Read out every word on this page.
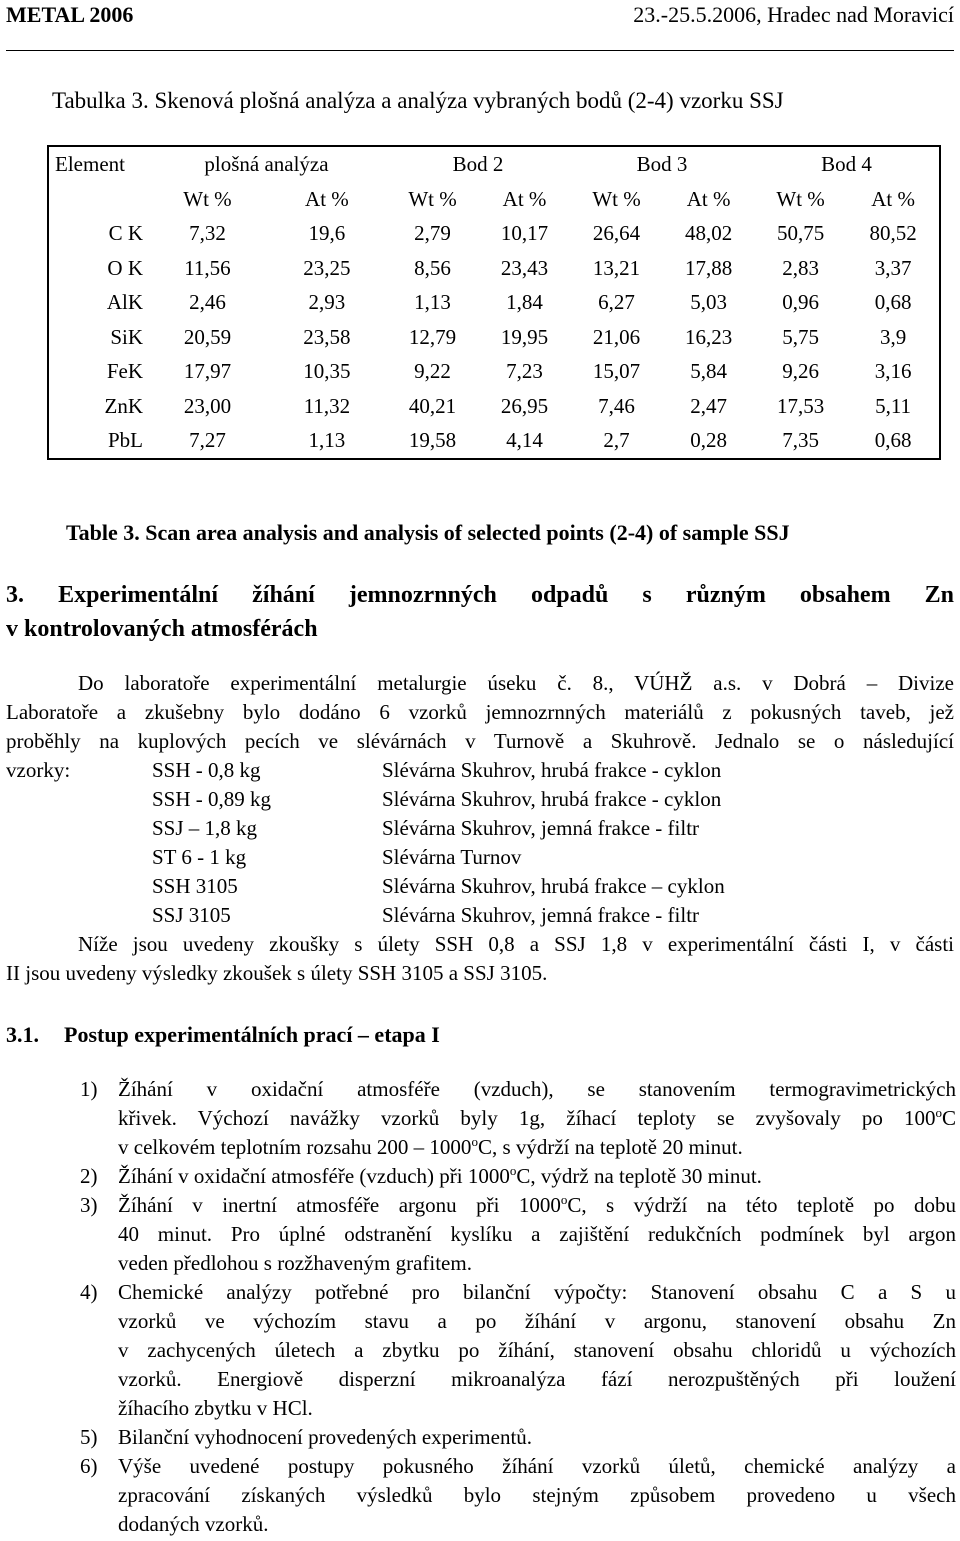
METAL 2006	23.-25.5.2006, Hradec nad Moravicí
Tabulka 3. Skenová plošná analýza a analýza vybraných bodů (2-4) vzorku SSJ
Element	plošná analýza		Bod 2		Bod 3		Bod 4	
	Wt %	At %	Wt %	At %	Wt %	At %	Wt %	At %
C K	7,32	19,6	2,79	10,17	26,64	48,02	50,75	80,52
O K	11,56	23,25	8,56	23,43	13,21	17,88	2,83	3,37
AlK	2,46	2,93	1,13	1,84	6,27	5,03	0,96	0,68
SiK	20,59	23,58	12,79	19,95	21,06	16,23	5,75	3,9
FeK	17,97	10,35	9,22	7,23	15,07	5,84	9,26	3,16
ZnK	23,00	11,32	40,21	26,95	7,46	2,47	17,53	5,11
PbL	7,27	1,13	19,58	4,14	2,7	0,28	7,35	0,68
Table 3. Scan area analysis and analysis of selected points (2-4) of sample SSJ
3. Experimentální žíhání jemnozrnných odpadů s různým obsahem Zn
v kontrolovaných atmosférách
Do laboratoře experimentální metalurgie úseku č. 8., VÚHŽ a.s. v Dobrá – Divize
Laboratoře a zkušebny bylo dodáno 6 vzorků jemnozrnných materiálů z pokusných taveb, jež
proběhly na kuplových pecích ve slévárnách v Turnově a Skuhrově. Jednalo se o následující
vzorky:	SSH - 0,8 kg	Slévárna Skuhrov, hrubá frakce - cyklon
SSH - 0,89 kg	Slévárna Skuhrov, hrubá frakce - cyklon
SSJ – 1,8 kg	Slévárna Skuhrov, jemná frakce - filtr
ST 6 - 1 kg	Slévárna Turnov
SSH 3105	Slévárna Skuhrov, hrubá frakce – cyklon
SSJ 3105	Slévárna Skuhrov, jemná frakce - filtr
Níže jsou uvedeny zkoušky s úlety SSH 0,8 a SSJ 1,8 v experimentální části I, v části
II jsou uvedeny výsledky zkoušek s úlety SSH 3105 a SSJ 3105.
3.1. Postup experimentálních prací – etapa I
1) Žíhání v oxidační atmosféře (vzduch), se stanovením termogravimetrických
křivek. Výchozí navážky vzorků byly 1g, žíhací teploty se zvyšovaly po 100$^o$C
v celkovém teplotním rozsahu 200 – 1000$^o$C, s výdrží na teplotě 20 minut.
2) Žíhání v oxidační atmosféře (vzduch) při 1000$^o$C, výdrž na teplotě 30 minut.
3) Žíhání v inertní atmosféře argonu při 1000$^o$C, s výdrží na této teplotě po dobu
40 minut. Pro úplné odstranění kyslíku a zajištění redukčních podmínek byl argon
veden předlohou s rozžhaveným grafitem.
4) Chemické analýzy potřebné pro bilanční výpočty: Stanovení obsahu C a S u
vzorků ve výchozím stavu a po žíhání v argonu, stanovení obsahu Zn
v zachycených úletech a zbytku po žíhání, stanovení obsahu chloridů u výchozích
vzorků. Energiově disperzní mikroanalýza fází nerozpuštěných při loužení
žíhacího zbytku v HCl.
5) Bilanční vyhodnocení provedených experimentů.
6) Výše uvedené postupy pokusného žíhání vzorků úletů, chemické analýzy a
zpracování získaných výsledků bylo stejným způsobem provedeno u všech
dodaných vzorků.
